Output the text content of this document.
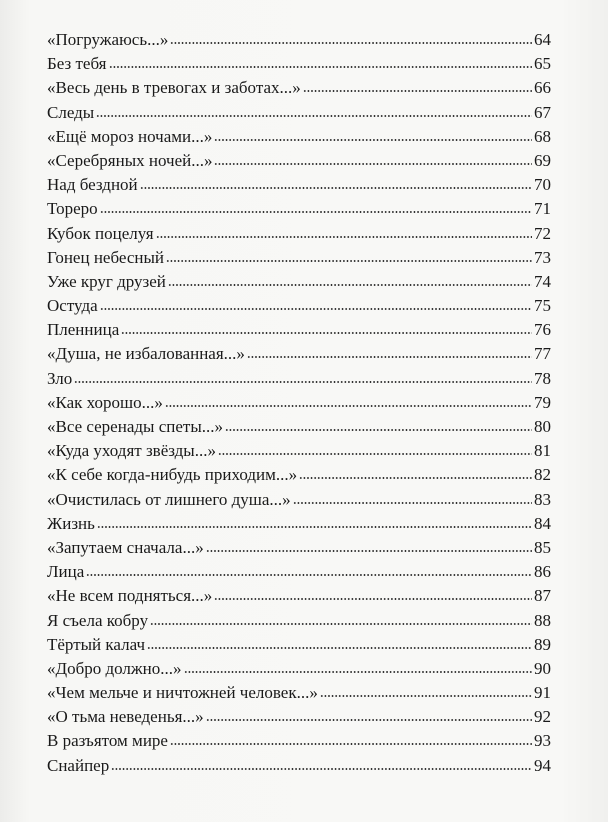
«Погружаюсь...»	64
Без тебя	65
«Весь день в тревогах и заботах...»	66
Следы	67
«Ещё мороз ночами...»	68
«Серебряных ночей...»	69
Над бездной	70
Тореро	71
Кубок поцелуя	72
Гонец небесный	73
Уже круг друзей	74
Остуда	75
Пленница	76
«Душа, не избалованная...»	77
Зло	78
«Как хорошо...»	79
«Все серенады спеты...»	80
«Куда уходят звёзды...»	81
«К себе когда-нибудь приходим...»	82
«Очистилась от лишнего душа...»	83
Жизнь	84
«Запутаем сначала...»	85
Лица	86
«Не всем подняться...»	87
Я съела кобру	88
Тёртый калач	89
«Добро должно...»	90
«Чем мельче и ничтожней человек...»	91
«О тьма неведенья...»	92
В разъятом мире	93
Снайпер	94
